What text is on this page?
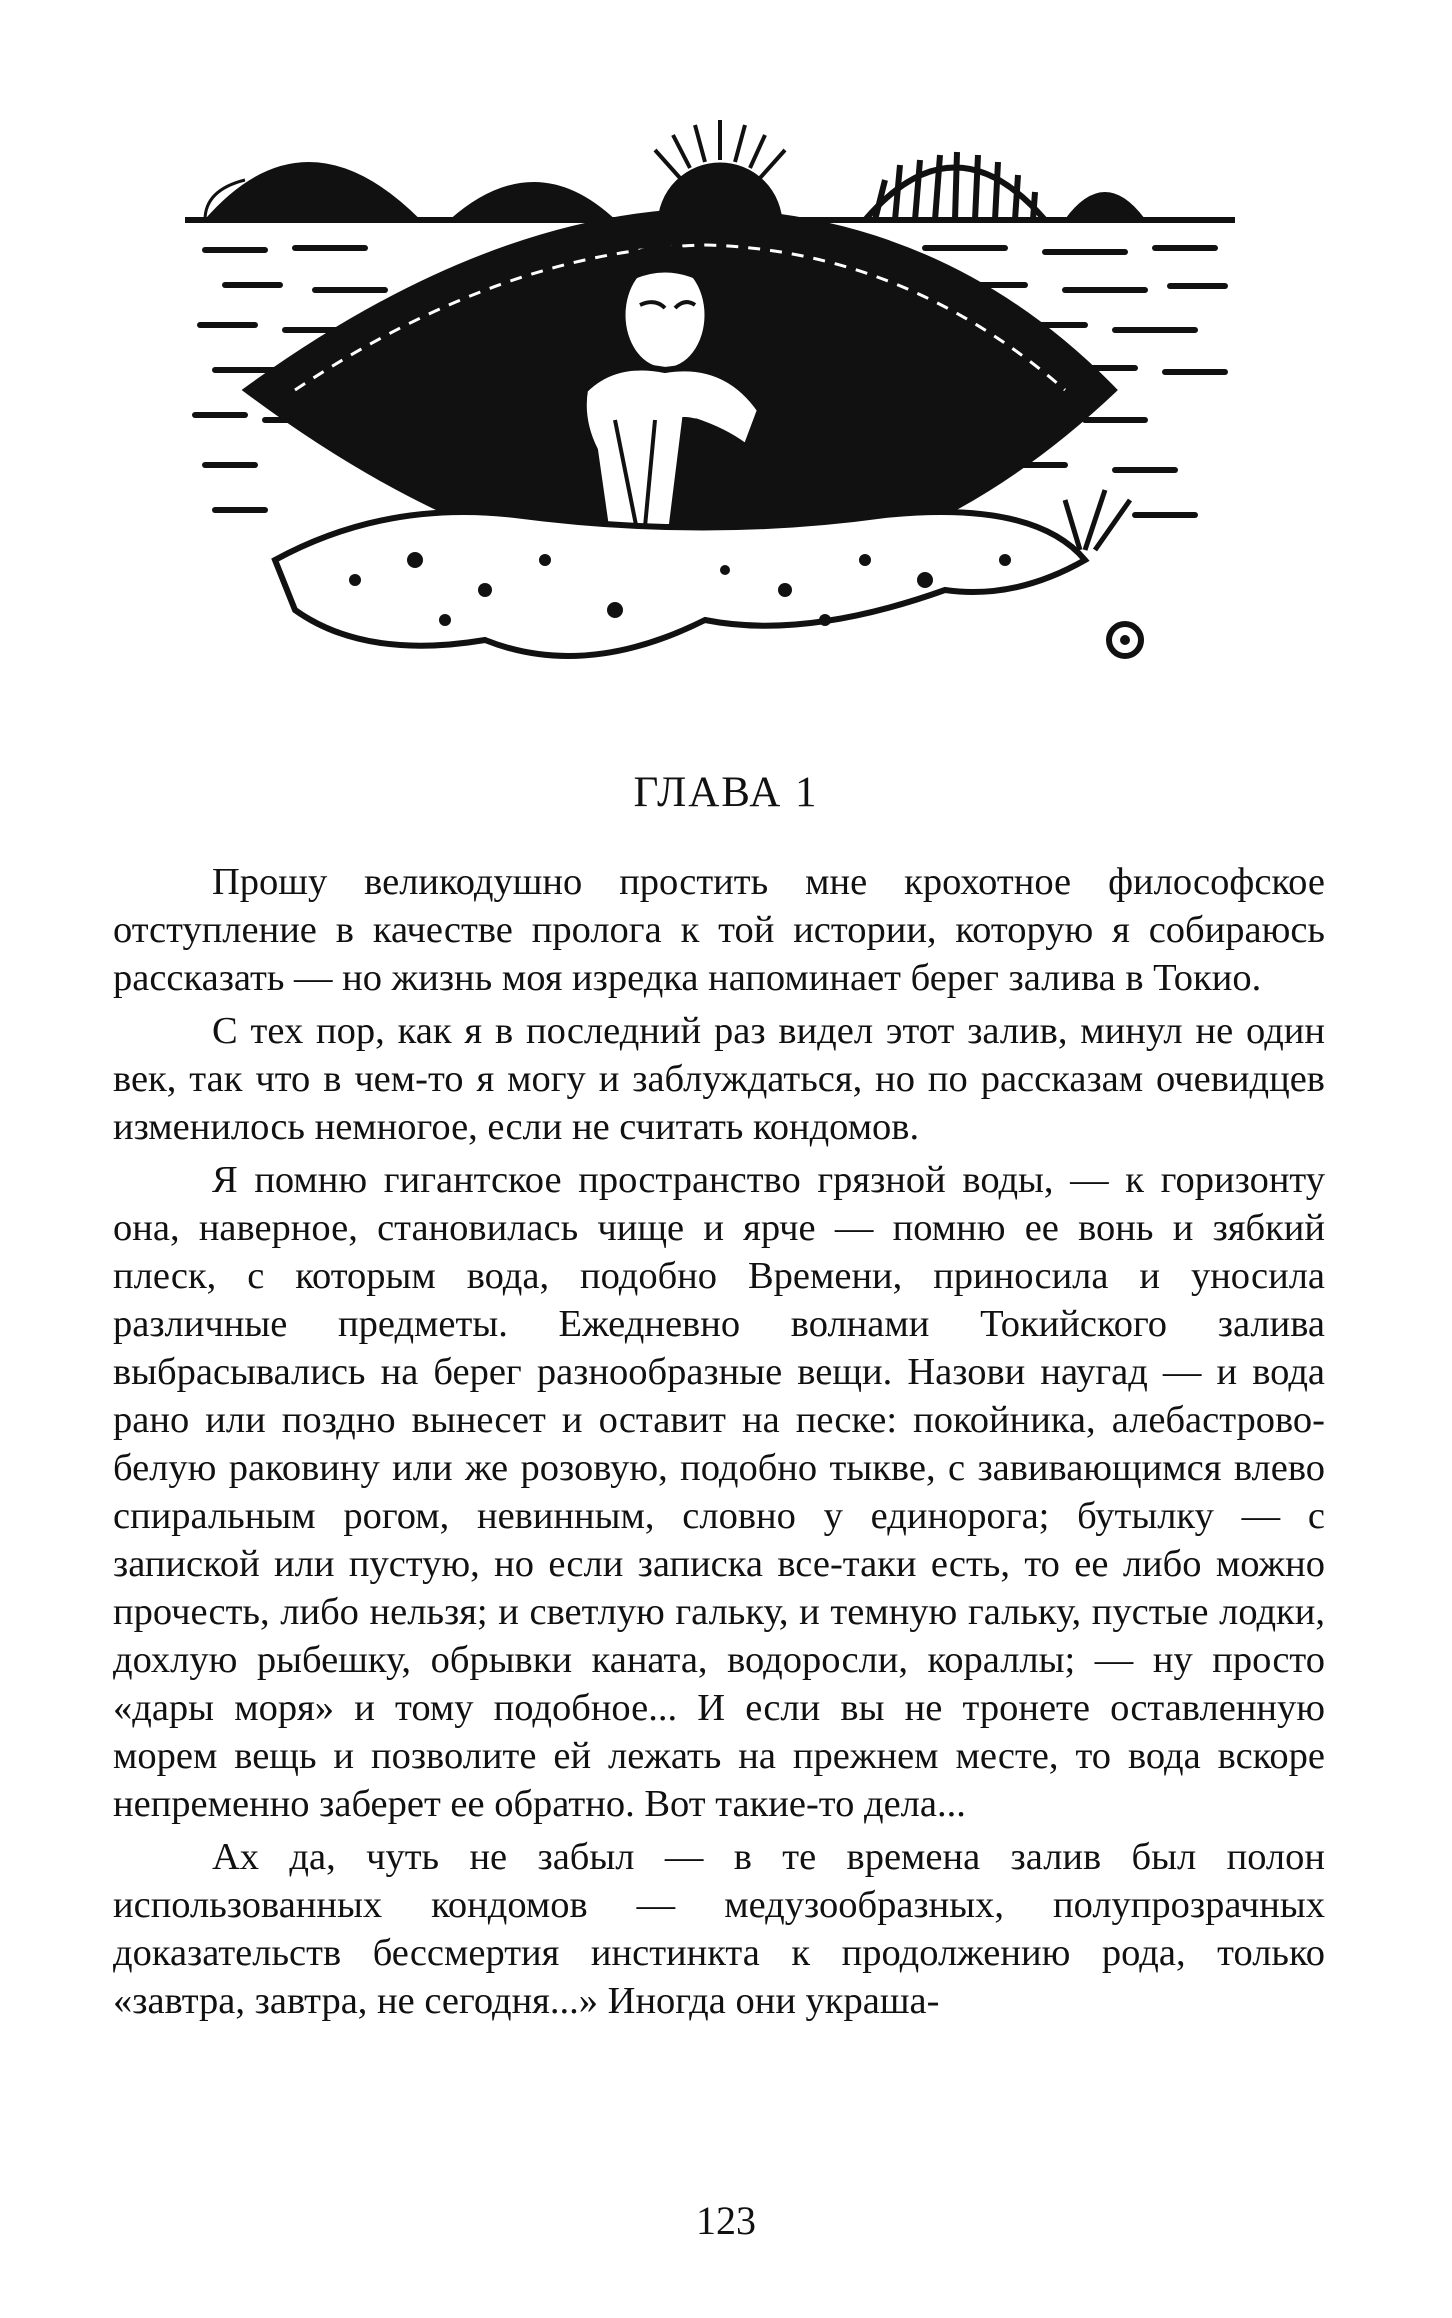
ГЛАВА 1

Прошу великодушно простить мне крохотное философское отступление в качестве пролога к той истории, которую я собираюсь рассказать — но жизнь моя изредка напоминает берег залива в Токио.

С тех пор, как я в последний раз видел этот залив, минул не один век, так что в чем-то я могу и заблуждаться, но по рассказам очевидцев изменилось немногое, если не считать кондомов.

Я помню гигантское пространство грязной воды, — к горизонту она, наверное, становилась чище и ярче — помню ее вонь и зябкий плеск, с которым вода, подобно Времени, приносила и уносила различные предметы. Ежедневно волнами Токийского залива выбрасывались на берег разнообразные вещи. Назови наугад — и вода рано или поздно вынесет и оставит на песке: покойника, алебастрово-белую раковину или же розовую, подобно тыкве, с завивающимся влево спиральным рогом, невинным, словно у единорога; бутылку — с запиской или пустую, но если записка все-таки есть, то ее либо можно прочесть, либо нельзя; и светлую гальку, и темную гальку, пустые лодки, дохлую рыбешку, обрывки каната, водоросли, кораллы; — ну просто «дары моря» и тому подобное... И если вы не тронете оставленную морем вещь и позволите ей лежать на прежнем месте, то вода вскоре непременно заберет ее обратно. Вот такие-то дела...

Ах да, чуть не забыл — в те времена залив был полон использованных кондомов — медузообразных, полупрозрачных доказательств бессмертия инстинкта к продолжению рода, только «завтра, завтра, не сегодня...» Иногда они украша-

123
